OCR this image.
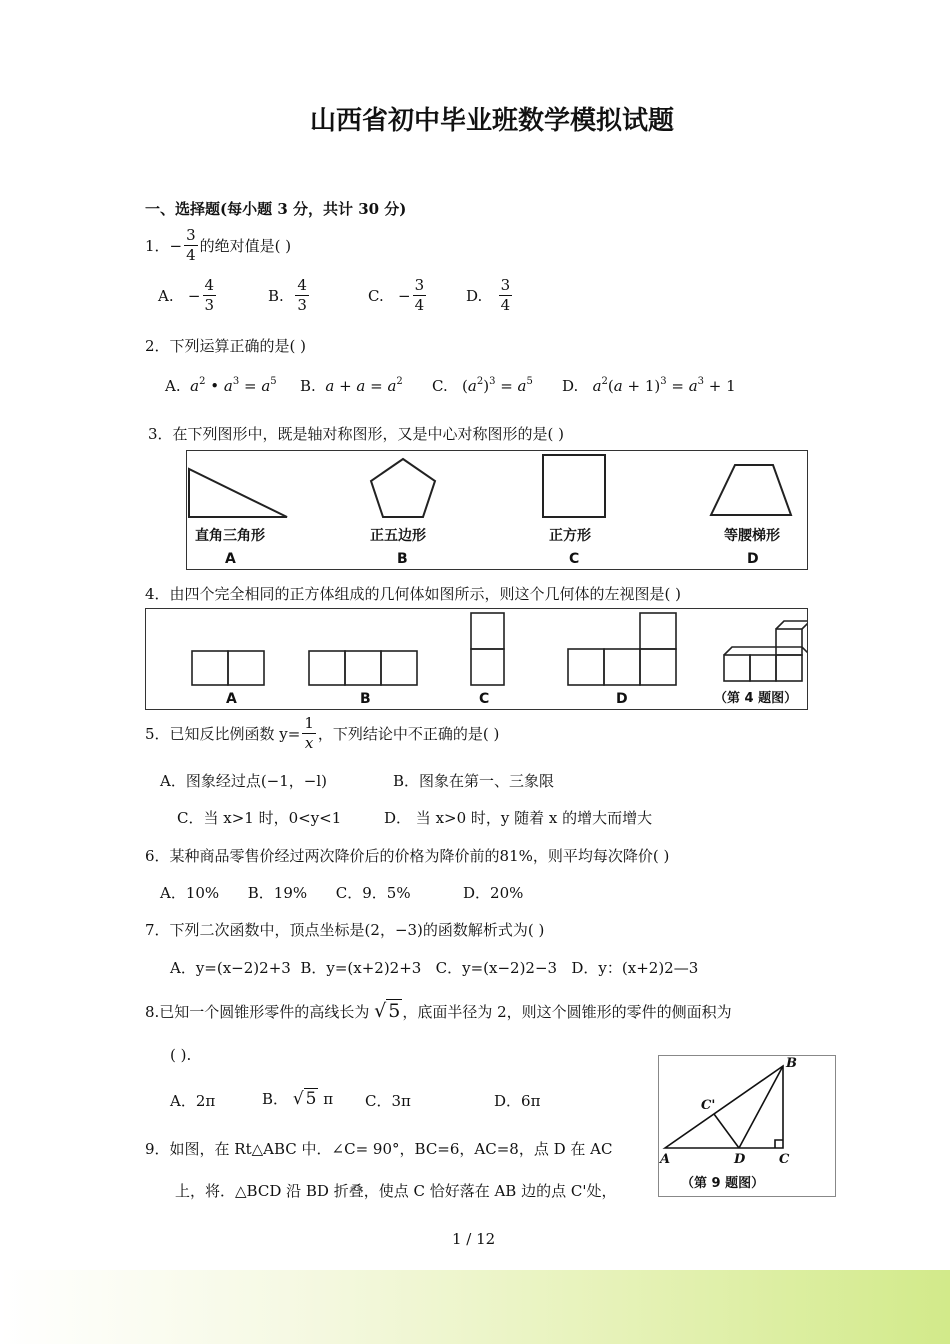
山西省初中毕业班数学模拟试题
一、选择题(每小题 3 分，共计 30 分)
1． − $\frac{3}{4}$ 的绝对值是( )
A.
− $\frac{4}{3}$	B.
$\frac{4}{3}$	C.
− $\frac{3}{4}$	D.
$\frac{3}{4}$
2．下列运算正确的是( )
A. $a^2$ • $a^3 = a^5$ B. $a + a = a^2$ C.   $(a^2)^3 = a^5$ D. $a^2(a + 1)^3 = a^3 + 1$
3．在下列图形中，既是轴对称图形，又是中心对称图形的是( )
直角三角形	正五边形	正方形	等腰梯形
A	B	C	D
4．由四个完全相同的正方体组成的几何体如图所示，则这个几何体的左视图是( )
A	B	C	D	（第 4 题图）
5．已知反比例函数 $y= \frac{1}{x}$ ，下列结论中不正确的是( )
A．图象经过点(−1，−l)	B．图象在第一、三象限
C．当 x>1 时，0<y<1	D． 当 x>0 时，y 随着 x 的增大而增大
6．某种商品零售价经过两次降价后的价格为降价前的81%，则平均每次降价( )
A．10%      B．19%      C．9．5%           D．20%
7．下列二次函数中，顶点坐标是(2，−3)的函数解析式为( )
A．y=(x−2)2+3  B．y=(x+2)2+3   C．y=(x−2)2−3   D．y：(x+2)2—3
8.已知一个圆锥形零件的高线长为
√ 5 ，底面半径为 2，则这个圆锥形的零件的侧面积为
( ).
A．2π	B．
√ 5
π C．3π	D．6π
B
A	D	C
C'
（第 9 题图）
9．如图，在 Rt△ABC 中．∠C= 90°，BC=6，AC=8，点 D 在 AC
上，将．△BCD 沿 BD 折叠，使点 C 恰好落在 AB 边的点 C'处，
1 / 12
